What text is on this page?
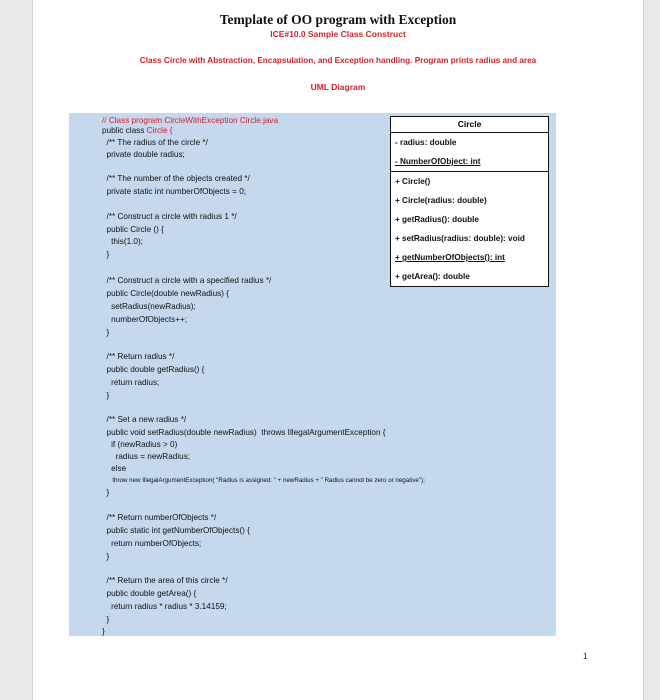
Template of OO program with Exception
ICE#10.0 Sample Class Construct
Class Circle with Abstraction, Encapsulation, and Exception handling. Program prints radius and area
UML Diagram
1
// Class program CircleWithException Circle.java
public class Circle {
/** The radius of the circle */
private double radius;
/** The number of the objects created */
private static int numberOfObjects = 0;
/** Construct a circle with radius 1 */
public Circle () {
this(1.0);
}
/** Construct a circle with a specified radius */
public Circle(double newRadius) {
setRadius(newRadius);
numberOfObjects++;
}
/** Return radius */
public double getRadius() {
return radius;
}
/** Set a new radius */
public void setRadius(double newRadius)  throws IllegalArgumentException {
if (newRadius > 0)
radius = newRadius;
else
throw new IllegalArgumentException( "Radius is assigned: " + newRadius + " Radius cannot be zero or negative");
}
/** Return numberOfObjects */
public static int getNumberOfObjects() {
return numberOfObjects;
}
/** Return the area of this circle */
public double getArea() {
return radius * radius * 3.14159;
}
}
Circle
- radius: double
- NumberOfObject: int
+ Circle()
+ Circle(radius: double)
+ getRadius(): double
+ setRadius(radius: double): void
+ getNumberOfObjects(): int
+ getArea(): double
